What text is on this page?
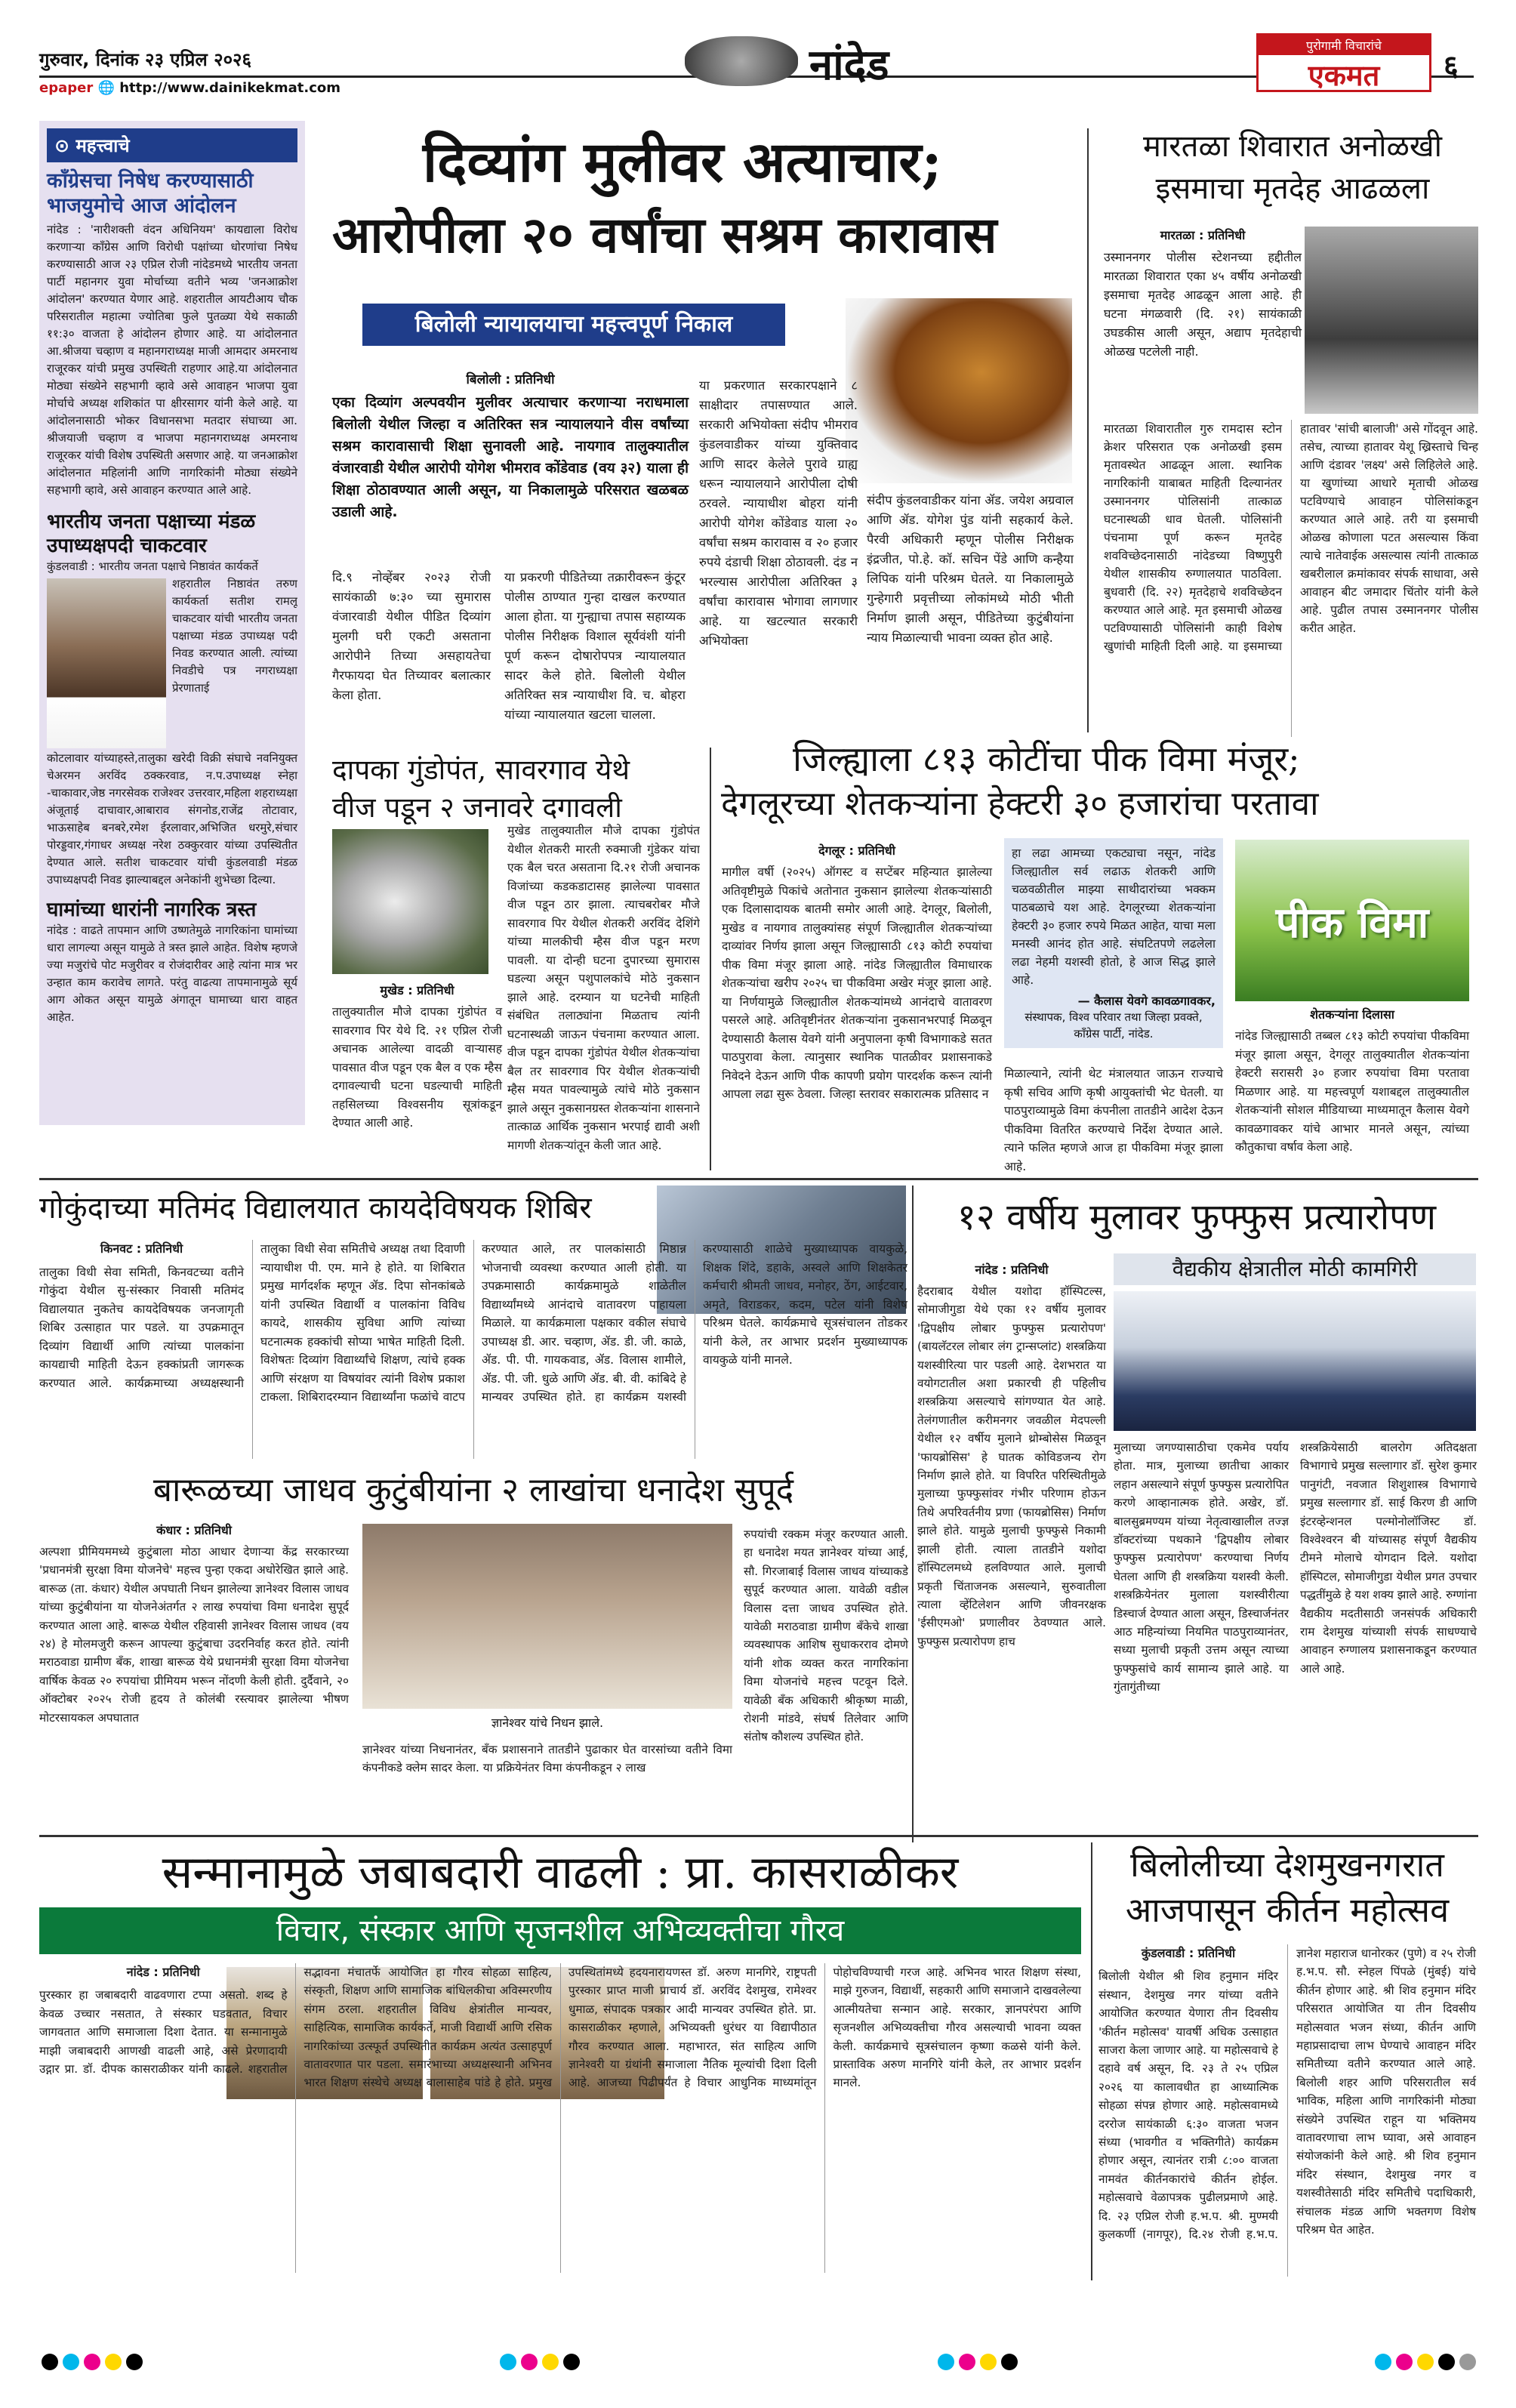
गुरुवार, दिनांक २३ एप्रिल २०२६
epaper 🌐 http://www.dainikekmat.com	नांदेड	पुरोगामी विचारांचे
एकमत	६
⊙ महत्त्वाचे
काँग्रेसचा निषेध करण्यासाठी भाजयुमोचे आज आंदोलन
नांदेड : 'नारीशक्ती वंदन अधिनियम' कायद्याला विरोध करणाऱ्या काँग्रेस आणि विरोधी पक्षांच्या धोरणांचा निषेध करण्यासाठी आज २३ एप्रिल रोजी नांदेडमध्ये भारतीय जनता पार्टी महानगर युवा मोर्चाच्या वतीने भव्य 'जनआक्रोश आंदोलन' करण्यात येणार आहे. शहरातील आयटीआय चौक परिसरातील महात्मा ज्योतिबा फुले पुतळ्या येथे सकाळी ११:३० वाजता हे आंदोलन होणार आहे. या आंदोलनात आ.श्रीजया चव्हाण व महानगराध्यक्ष माजी आमदार अमरनाथ राजूरकर यांची प्रमुख उपस्थिती राहणार आहे.या आंदोलनात मोठ्या संख्येने सहभागी व्हावे असे आवाहन भाजपा युवा मोर्चाचे अध्यक्ष शशिकांत पा क्षीरसागर यांनी केले आहे. या आंदोलनासाठी भोकर विधानसभा मतदार संघाच्या आ. श्रीजयाजी चव्हाण व भाजपा महानगराध्यक्ष अमरनाथ राजूरकर यांची विशेष उपस्थिती असणार आहे. या जनआक्रोश आंदोलनात महिलांनी आणि नागरिकांनी मोठ्या संख्येने सहभागी व्हावे, असे आवाहन करण्यात आले आहे.
भारतीय जनता पक्षाच्या मंडळ उपाध्यक्षपदी चाकटवार
कुंडलवाडी : भारतीय जनता पक्षाचे निष्ठावंत कार्यकर्ते
शहरातील निष्ठावंत तरुण कार्यकर्ता सतीश रामलू चाकटवार यांची भारतीय जनता पक्षाच्या मंडळ उपाध्यक्ष पदी निवड करण्यात आली. त्यांच्या निवडीचे पत्र नगराध्यक्षा प्रेरणाताई
कोटलावार यांच्याहस्ते,तालुका खरेदी विक्री संघाचे नवनियुक्त चेअरमन अरविंद ठक्करवाड, न.प.उपाध्यक्ष स्नेहा -चाकावार,जेष्ठ नगरसेवक राजेश्वर उत्तरवार,महिला शहराध्यक्षा अंजूताई दाचावार,आबाराव संगनोड,राजेंद्र तोटावार, भाऊसाहेब बनबरे,रमेश ईरलावार,अभिजित धरमुरे,संचार पोरड्डवार,गंगाधर अध्यक्ष नरेश ठक्कुरवार यांच्या उपस्थितीत देण्यात आले. सतीश चाकटवार यांची कुंडलवाडी मंडळ उपाध्यक्षपदी निवड झाल्याबद्दल अनेकांनी शुभेच्छा दिल्या.
घामांच्या धारांनी नागरिक त्रस्त
नांदेड : वाढते तापमान आणि उष्णतेमुळे नागरिकांना घामांच्या धारा लागल्या असून यामुळे ते त्रस्त झाले आहेत. विशेष म्हणजे ज्या मजुरांचे पोट मजुरीवर व रोजंदारीवर आहे त्यांना मात्र भर उन्हात काम करावेच लागते. परंतु वाढत्या तापमानामुळे सूर्य आग ओकत असून यामुळे अंगातून घामाच्या धारा वाहत आहेत.
दिव्यांग मुलीवर अत्याचार;
आरोपीला २० वर्षांचा सश्रम कारावास
बिलोली न्यायालयाचा महत्त्वपूर्ण निकाल
बिलोली : प्रतिनिधी
एका दिव्यांग अल्पवयीन मुलीवर अत्याचार करणाऱ्या नराधमाला बिलोली येथील जिल्हा व अतिरिक्त सत्र न्यायालयाने वीस वर्षांच्या सश्रम कारावासाची शिक्षा सुनावली आहे. नायगाव तालुक्यातील वंजारवाडी येथील आरोपी योगेश भीमराव कोंडेवाड (वय ३२) याला ही शिक्षा ठोठावण्यात आली असून, या निकालामुळे परिसरात खळबळ उडाली आहे.
संदीप कुंडलवाडीकर यांना ॲड. जयेश अग्रवाल आणि ॲड. योगेश पुंड यांनी सहकार्य केले. पैरवी अधिकारी म्हणून पोलीस निरीक्षक इंद्रजीत, पो.हे. कॉ. सचिन पेंडे आणि कन्हैया लिपिक यांनी परिश्रम घेतले. या निकालामुळे गुन्हेगारी प्रवृत्तीच्या लोकांमध्ये मोठी भीती निर्माण झाली असून, पीडितेच्या कुटुंबीयांना न्याय मिळाल्याची भावना व्यक्त होत आहे.
दि.९ नोव्हेंबर २०२३ रोजी सायंकाळी ७:३० च्या सुमारास वंजारवाडी येथील पीडित दिव्यांग मुलगी घरी एकटी असताना आरोपीने तिच्या असहायतेचा गैरफायदा घेत तिच्यावर बलात्कार केला होता.
या प्रकरणी पीडितेच्या तक्रारीवरून कुंटूर पोलीस ठाण्यात गुन्हा दाखल करण्यात आला होता. या गुन्ह्याचा तपास सहाय्यक पोलीस निरीक्षक विशाल सूर्यवंशी यांनी पूर्ण करून दोषारोपपत्र न्यायालयात सादर केले होते. बिलोली येथील अतिरिक्त सत्र न्यायाधीश वि. च. बोहरा यांच्या न्यायालयात खटला चालला.
या प्रकरणात सरकारपक्षाने ८ साक्षीदार तपासण्यात आले. सरकारी अभियोक्ता संदीप भीमराव कुंडलवाडीकर यांच्या युक्तिवाद आणि सादर केलेले पुरावे ग्राह्य धरून न्यायालयाने आरोपीला दोषी ठरवले. न्यायाधीश बोहरा यांनी आरोपी योगेश कोंडेवाड याला २० वर्षांचा सश्रम कारावास व २० हजार रुपये दंडाची शिक्षा ठोठावली. दंड न भरल्यास आरोपीला अतिरिक्त ३ वर्षांचा कारावास भोगावा लागणार आहे. या खटल्यात सरकारी अभियोक्ता
मारतळा शिवारात अनोळखी इसमाचा मृतदेह आढळला
मारतळा : प्रतिनिधी
उस्माननगर पोलीस स्टेशनच्या हद्दीतील मारतळा शिवारात एका ४५ वर्षीय अनोळखी इसमाचा मृतदेह आढळून आला आहे. ही घटना मंगळवारी (दि. २१) सायंकाळी उघडकीस आली असून, अद्याप मृतदेहाची ओळख पटलेली नाही.
मारतळा शिवारातील गुरु रामदास स्टोन क्रेशर परिसरात एक अनोळखी इसम मृतावस्थेत आढळून आला. स्थानिक नागरिकांनी याबाबत माहिती दिल्यानंतर उस्माननगर पोलिसांनी तात्काळ घटनास्थळी धाव घेतली. पोलिसांनी पंचनामा पूर्ण करून मृतदेह शवविच्छेदनासाठी नांदेडच्या विष्णुपुरी येथील शासकीय रुग्णालयात पाठविला. बुधवारी (दि. २२) मृतदेहाचे शवविच्छेदन करण्यात आले आहे. मृत इसमाची ओळख पटविण्यासाठी पोलिसांनी काही विशेष खुणांची माहिती दिली आहे. या इसमाच्या हातावर 'सांची बालाजी' असे गोंदवून आहे. तसेच, त्याच्या हातावर येशू ख्रिस्ताचे चिन्ह आणि दंडावर 'लक्ष्य' असे लिहिलेले आहे. या खुणांच्या आधारे मृताची ओळख पटविण्याचे आवाहन पोलिसांकडून करण्यात आले आहे. तरी या इसमाची ओळख कोणाला पटत असल्यास किंवा त्याचे नातेवाईक असल्यास त्यांनी तात्काळ खबरीलाल क्रमांकावर संपर्क साधावा, असे आवाहन बीट जमादार चिंतोर यांनी केले आहे. पुढील तपास उस्माननगर पोलीस करीत आहेत.
दापका गुंडोपंत, सावरगाव येथे वीज पडून २ जनावरे दगावली
मुखेड तालुक्यातील मौजे दापका गुंडोपंत येथील शेतकरी मारती रुक्माजी गुंडेकर यांचा एक बैल चरत असताना दि.२१ रोजी अचानक विजांच्या कडकडाटासह झालेल्या पावसात वीज पडून ठार झाला. त्याचबरोबर मौजे सावरगाव पिर येथील शेतकरी अरविंद देशिंगे यांच्या मालकीची म्हैस वीज पडून मरण पावली. या दोन्ही घटना दुपारच्या सुमारास घडल्या असून पशुपालकांचे मोठे नुकसान झाले आहे. दरम्यान या घटनेची माहिती संबंधित तलाठ्यांना मिळताच त्यांनी घटनास्थळी जाऊन पंचनामा करण्यात आला. वीज पडून दापका गुंडोपंत येथील शेतकऱ्यांचा बैल तर सावरगाव पिर येथील शेतकऱ्यांची म्हैस मयत पावल्यामुळे त्यांचे मोठे नुकसान झाले असून नुकसानग्रस्त शेतकऱ्यांना शासनाने तात्काळ आर्थिक नुकसान भरपाई द्यावी अशी मागणी शेतकऱ्यांतून केली जात आहे.
मुखेड : प्रतिनिधी
तालुक्यातील मौजे दापका गुंडोपंत व सावरगाव पिर येथे दि. २१ एप्रिल रोजी अचानक आलेल्या वादळी वाऱ्यासह पावसात वीज पडून एक बैल व एक म्हैस दगावल्याची घटना घडल्याची माहिती तहसिलच्या विश्वसनीय सूत्रांकडून देण्यात आली आहे.
जिल्ह्याला ८१३ कोटींचा पीक विमा मंजूर;
देगलूरच्या शेतकऱ्यांना हेक्टरी ३० हजारांचा परतावा
देगलूर : प्रतिनिधी
मागील वर्षी (२०२५) ऑगस्ट व सप्टेंबर महिन्यात झालेल्या अतिवृष्टीमुळे पिकांचे अतोनात नुकसान झालेल्या शेतकऱ्यांसाठी एक दिलासादायक बातमी समोर आली आहे. देगलूर, बिलोली, मुखेड व नायगाव तालुक्यांसह संपूर्ण जिल्ह्यातील शेतकऱ्यांच्या दाव्यांवर निर्णय झाला असून जिल्ह्यासाठी ८१३ कोटी रुपयांचा पीक विमा मंजूर झाला आहे. नांदेड जिल्ह्यातील विमाधारक शेतकऱ्यांचा खरीप २०२५ चा पीकविमा अखेर मंजूर झाला आहे. या निर्णयामुळे जिल्ह्यातील शेतकऱ्यांमध्ये आनंदाचे वातावरण पसरले आहे. अतिवृष्टीनंतर शेतकऱ्यांना नुकसानभरपाई मिळवून देण्यासाठी कैलास येवगे यांनी अनुपालना कृषी विभागाकडे सतत पाठपुरावा केला. त्यानुसार स्थानिक पातळीवर प्रशासनाकडे निवेदने देऊन आणि पीक कापणी प्रयोग पारदर्शक करून त्यांनी आपला लढा सुरू ठेवला. जिल्हा स्तरावर सकारात्मक प्रतिसाद न
हा लढा आमच्या एकट्याचा नसून, नांदेड जिल्ह्यातील सर्व लढाऊ शेतकरी आणि चळवळीतील माझ्या साथीदारांच्या भक्कम पाठबळाचे यश आहे. देगलूरच्या शेतकऱ्यांना हेक्टरी ३० हजार रुपये मिळत आहेत, याचा मला मनस्वी आनंद होत आहे. संघटितपणे लढलेला लढा नेहमी यशस्वी होतो, हे आज सिद्ध झाले आहे.
— कैलास येवगे कावळगावकर,
संस्थापक, विश्व परिवार तथा जिल्हा प्रवक्ते, काँग्रेस पार्टी, नांदेड.
मिळाल्याने, त्यांनी थेट मंत्रालयात जाऊन राज्याचे कृषी सचिव आणि कृषी आयुक्तांची भेट घेतली. या पाठपुराव्यामुळे विमा कंपनीला तातडीने आदेश देऊन पीकविमा वितरित करण्याचे निर्देश देण्यात आले. त्याने फलित म्हणजे आज हा पीकविमा मंजूर झाला आहे.
पीक विमा
शेतकऱ्यांना दिलासा
नांदेड जिल्ह्यासाठी तब्बल ८१३ कोटी रुपयांचा पीकविमा मंजूर झाला असून, देगलूर तालुक्यातील शेतकऱ्यांना हेक्टरी सरासरी ३० हजार रुपयांचा विमा परतावा मिळणार आहे. या महत्त्वपूर्ण यशाबद्दल तालुक्यातील शेतकऱ्यांनी सोशल मीडियाच्या माध्यमातून कैलास येवगे कावळगावकर यांचे आभार मानले असून, त्यांच्या कौतुकाचा वर्षाव केला आहे.
गोकुंदाच्या मतिमंद विद्यालयात कायदेविषयक शिबिर
किनवट : प्रतिनिधी
तालुका विधी सेवा समिती, किनवटच्या वतीने गोकुंदा येथील सु-संस्कार निवासी मतिमंद विद्यालयात नुकतेच कायदेविषयक जनजागृती शिबिर उत्साहात पार पडले. या उपक्रमातून दिव्यांग विद्यार्थी आणि त्यांच्या पालकांना कायद्याची माहिती देऊन हक्कांप्रती जागरूक करण्यात आले. कार्यक्रमाच्या अध्यक्षस्थानी तालुका विधी सेवा समितीचे अध्यक्ष तथा दिवाणी न्यायाधीश पी. एम. माने हे होते. या शिबिरात प्रमुख मार्गदर्शक म्हणून ॲड. दिपा सोनकांबळे यांनी उपस्थित विद्यार्थी व पालकांना विविध कायदे, शासकीय सुविधा आणि त्यांच्या घटनात्मक हक्कांची सोप्या भाषेत माहिती दिली. विशेषतः दिव्यांग विद्यार्थ्यांचे शिक्षण, त्यांचे हक्क आणि संरक्षण या विषयांवर त्यांनी विशेष प्रकाश टाकला. शिबिरादरम्यान विद्यार्थ्यांना फळांचे वाटप करण्यात आले, तर पालकांसाठी मिष्ठान्न भोजनाची व्यवस्था करण्यात आली होती. या उपक्रमासाठी कार्यक्रमामुळे शाळेतील विद्यार्थ्यांमध्ये आनंदाचे वातावरण पाहायला मिळाले. या कार्यक्रमाला पक्षकार वकील संघाचे उपाध्यक्ष डी. आर. चव्हाण, ॲड. डी. जी. काळे, ॲड. पी. पी. गायकवाड, ॲड. विलास शामीले, ॲड. पी. जी. धुळे आणि ॲड. बी. वी. कांबिदे हे मान्यवर उपस्थित होते. हा कार्यक्रम यशस्वी करण्यासाठी शाळेचे मुख्याध्यापक वायकुळे, शिक्षक शिंदे, डहाके, अस्वले आणि शिक्षकेतर कर्मचारी श्रीमती जाधव, मनोहर, ठेंग, आईटवार, अमृते, विराडकर, कदम, पटेल यांनी विशेष परिश्रम घेतले. कार्यक्रमाचे सूत्रसंचालन तोडकर यांनी केले, तर आभार प्रदर्शन मुख्याध्यापक वायकुळे यांनी मानले.
१२ वर्षीय मुलावर फुफ्फुस प्रत्यारोपण
वैद्यकीय क्षेत्रातील मोठी कामगिरी
नांदेड : प्रतिनिधी
हैदराबाद येथील यशोदा हॉस्पिटल्स, सोमाजीगुडा येथे एका १२ वर्षीय मुलावर 'द्विपक्षीय लोबार फुफ्फुस प्रत्यारोपण' (बायलॅटरल लोबार लंग ट्रान्सप्लांट) शस्त्रक्रिया यशस्वीरित्या पार पडली आहे. देशभरात या वयोगटातील अशा प्रकारची ही पहिलीच शस्त्रक्रिया असल्याचे सांगण्यात येत आहे. तेलंगणातील करीमनगर जवळील मेदपल्ली येथील १२ वर्षीय मुलाने थ्रोम्बोसेस मिळवून 'फायब्रोसिस' हे घातक कोविडजन्य रोग निर्माण झाले होते. या विपरित परिस्थितीमुळे मुलाच्या फुफ्फुसांवर गंभीर परिणाम होऊन तिथे अपरिवर्तनीय प्रणा (फायब्रोसिस) निर्माण झाले होते. यामुळे मुलाची फुफ्फुसे निकामी झाली होती. त्याला तातडीने यशोदा हॉस्पिटलमध्ये हलविण्यात आले. मुलाची प्रकृती चिंताजनक असल्याने, सुरुवातीला त्याला व्हेंटिलेशन आणि जीवनरक्षक 'ईसीएमओ' प्रणालीवर ठेवण्यात आले. फुफ्फुस प्रत्यारोपण हाच
मुलाच्या जगण्यासाठीचा एकमेव पर्याय होता. मात्र, मुलाच्या छातीचा आकार लहान असल्याने संपूर्ण फुफ्फुस प्रत्यारोपित करणे आव्हानात्मक होते. अखेर, डॉ. बालसुब्रमण्यम यांच्या नेतृत्वाखालील तज्ज्ञ डॉक्टरांच्या पथकाने 'द्विपक्षीय लोबार फुफ्फुस प्रत्यारोपण' करण्याचा निर्णय घेतला आणि ही शस्त्रक्रिया यशस्वी केली. शस्त्रक्रियेनंतर मुलाला यशस्वीरीत्या डिस्चार्ज देण्यात आला असून, डिस्चार्जनंतर आठ महिन्यांच्या नियमित पाठपुराव्यानंतर, सध्या मुलाची प्रकृती उत्तम असून त्याच्या फुफ्फुसांचे कार्य सामान्य झाले आहे. या गुंतागुंतीच्या
शस्त्रक्रियेसाठी बालरोग अतिदक्षता विभागाचे प्रमुख सल्लागार डॉ. सुरेश कुमार पानुगंटी, नवजात शिशुशास्त्र विभागाचे प्रमुख सल्लागार डॉ. साई किरण डी आणि इंटरव्हेन्शनल पल्मोनोलॉजिस्ट डॉ. विश्वेश्वरन बी यांच्यासह संपूर्ण वैद्यकीय टीमने मोलाचे योगदान दिले. यशोदा हॉस्पिटल, सोमाजीगुडा येथील प्रगत उपचार पद्धतींमुळे हे यश शक्य झाले आहे. रुग्णांना वैद्यकीय मदतीसाठी जनसंपर्क अधिकारी राम देशमुख यांच्याशी संपर्क साधण्याचे आवाहन रुग्णालय प्रशासनाकडून करण्यात आले आहे.
बारूळच्या जाधव कुटुंबीयांना २ लाखांचा धनादेश सुपूर्द
कंधार : प्रतिनिधी
अल्पशा प्रीमियममध्ये कुटुंबाला मोठा आधार देणाऱ्या केंद्र सरकारच्या 'प्रधानमंत्री सुरक्षा विमा योजनेचे' महत्त्व पुन्हा एकदा अधोरेखित झाले आहे. बारूळ (ता. कंधार) येथील अपघाती निधन झालेल्या ज्ञानेश्वर विलास जाधव यांच्या कुटुंबीयांना या योजनेअंतर्गत २ लाख रुपयांचा विमा धनादेश सुपूर्द करण्यात आला आहे. बारूळ येथील रहिवासी ज्ञानेश्वर विलास जाधव (वय २४) हे मोलमजुरी करून आपल्या कुटुंबाचा उदरनिर्वाह करत होते. त्यांनी मराठवाडा ग्रामीण बँक, शाखा बारूळ येथे प्रधानमंत्री सुरक्षा विमा योजनेचा वार्षिक केवळ २० रुपयांचा प्रीमियम भरून नोंदणी केली होती. दुर्दैवाने, २० ऑक्टोबर २०२५ रोजी हृदय ते कोलंबी रस्त्यावर झालेल्या भीषण मोटरसायकल अपघातात	ज्ञानेश्वर यांचे निधन झाले.
ज्ञानेश्वर यांच्या निधनानंतर, बँक प्रशासनाने तातडीने पुढाकार घेत वारसांच्या वतीने विमा कंपनीकडे क्लेम सादर केला. या प्रक्रियेनंतर विमा कंपनीकडून २ लाख
रुपयांची रक्कम मंजूर करण्यात आली. हा धनादेश मयत ज्ञानेश्वर यांच्या आई, सौ. गिरजाबाई विलास जाधव यांच्याकडे सुपूर्द करण्यात आला. यावेळी वडील विलास दत्ता जाधव उपस्थित होते. यावेळी मराठवाडा ग्रामीण बँकेचे शाखा व्यवस्थापक आशिष सुधाकरराव दोमणे यांनी शोक व्यक्त करत नागरिकांना विमा योजनांचे महत्त्व पटवून दिले. यावेळी बँक अधिकारी श्रीकृष्ण माळी, रोशनी मांडवे, संघर्ष तिलेवार आणि संतोष कौशल्य उपस्थित होते.
सन्मानामुळे जबाबदारी वाढली : प्रा. कासराळीकर
विचार, संस्कार आणि सृजनशील अभिव्यक्तीचा गौरव
नांदेड : प्रतिनिधी
पुरस्कार हा जबाबदारी वाढवणारा टप्पा असतो. शब्द हे केवळ उच्चार नसतात, ते संस्कार घडवतात, विचार जागवतात आणि समाजाला दिशा देतात. या सन्मानामुळे माझी जबाबदारी आणखी वाढली आहे, असे प्रेरणादायी उद्गार प्रा. डॉ. दीपक कासराळीकर यांनी काढले. शहरातील सद्भावना मंचातर्फे आयोजित हा गौरव सोहळा साहित्य, संस्कृती, शिक्षण आणि सामाजिक बांधिलकीचा अविस्मरणीय संगम ठरला. शहरातील विविध क्षेत्रांतील मान्यवर, साहित्यिक, सामाजिक कार्यकर्ते, माजी विद्यार्थी आणि रसिक नागरिकांच्या उत्स्फूर्त उपस्थितीत कार्यक्रम अत्यंत उत्साहपूर्ण वातावरणात पार पडला. समारंभाच्या अध्यक्षस्थानी अभिनव भारत शिक्षण संस्थेचे अध्यक्ष बालासाहेब पांडे हे होते. प्रमुख उपस्थितांमध्ये हदयनारायणस्त डॉ. अरुण मानगिरे, राष्ट्रपती पुरस्कार प्राप्त माजी प्राचार्य डॉ. अरविंद देशमुख, रामेश्वर धुमाळ, संपादक पत्रकार आदी मान्यवर उपस्थित होते. प्रा. कासराळीकर म्हणाले, अभिव्यक्ती धुरंधर या विद्यापीठात गौरव करण्यात आला. महाभारत, संत साहित्य आणि ज्ञानेश्वरी या ग्रंथांनी समाजाला नैतिक मूल्यांची दिशा दिली आहे. आजच्या पिढीपर्यंत हे विचार आधुनिक माध्यमांतून पोहोचविण्याची गरज आहे. अभिनव भारत शिक्षण संस्था, माझे गुरुजन, विद्यार्थी, सहकारी आणि समाजाने दाखवलेल्या आत्मीयतेचा सन्मान आहे. सरकार, ज्ञानपरंपरा आणि सृजनशील अभिव्यक्तीचा गौरव असल्याची भावना व्यक्त केली. कार्यक्रमाचे सूत्रसंचालन कृष्णा कळसे यांनी केले. प्रास्ताविक अरुण मानगिरे यांनी केले, तर आभार प्रदर्शन मानले.
बिलोलीच्या देशमुखनगरात आजपासून कीर्तन महोत्सव
कुंडलवाडी : प्रतिनिधी
बिलोली येथील श्री शिव हनुमान मंदिर संस्थान, देशमुख नगर यांच्या वतीने आयोजित करण्यात येणारा तीन दिवसीय 'कीर्तन महोत्सव' यावर्षी अधिक उत्साहात साजरा केला जाणार आहे. या महोत्सवाचे हे दहावे वर्ष असून, दि. २३ ते २५ एप्रिल २०२६ या कालावधीत हा आध्यात्मिक सोहळा संपन्न होणार आहे. महोत्सवामध्ये दररोज सायंकाळी ६:३० वाजता भजन संध्या (भावगीत व भक्तिगीते) कार्यक्रम होणार असून, त्यानंतर रात्री ८:०० वाजता नामवंत कीर्तनकारांचे कीर्तन होईल. महोत्सवाचे वेळापत्रक पुढीलप्रमाणे आहे. दि. २३ एप्रिल रोजी ह.भ.प. श्री. मुण्मयी कुलकर्णी (नागपूर), दि.२४ रोजी ह.भ.प. ज्ञानेश महाराज धानोरकर (पुणे) व २५ रोजी ह.भ.प. सौ. स्नेहल पिंपळे (मुंबई) यांचे कीर्तन होणार आहे. श्री शिव हनुमान मंदिर परिसरात आयोजित या तीन दिवसीय महोत्सवात भजन संध्या, कीर्तन आणि महाप्रसादाचा लाभ घेण्याचे आवाहन मंदिर समितीच्या वतीने करण्यात आले आहे. बिलोली शहर आणि परिसरातील सर्व भाविक, महिला आणि नागरिकांनी मोठ्या संख्येने उपस्थित राहून या भक्तिमय वातावरणाचा लाभ घ्यावा, असे आवाहन संयोजकांनी केले आहे. श्री शिव हनुमान मंदिर संस्थान, देशमुख नगर व यशस्वीतेसाठी मंदिर समितीचे पदाधिकारी, संचालक मंडळ आणि भक्तगण विशेष परिश्रम घेत आहेत.
